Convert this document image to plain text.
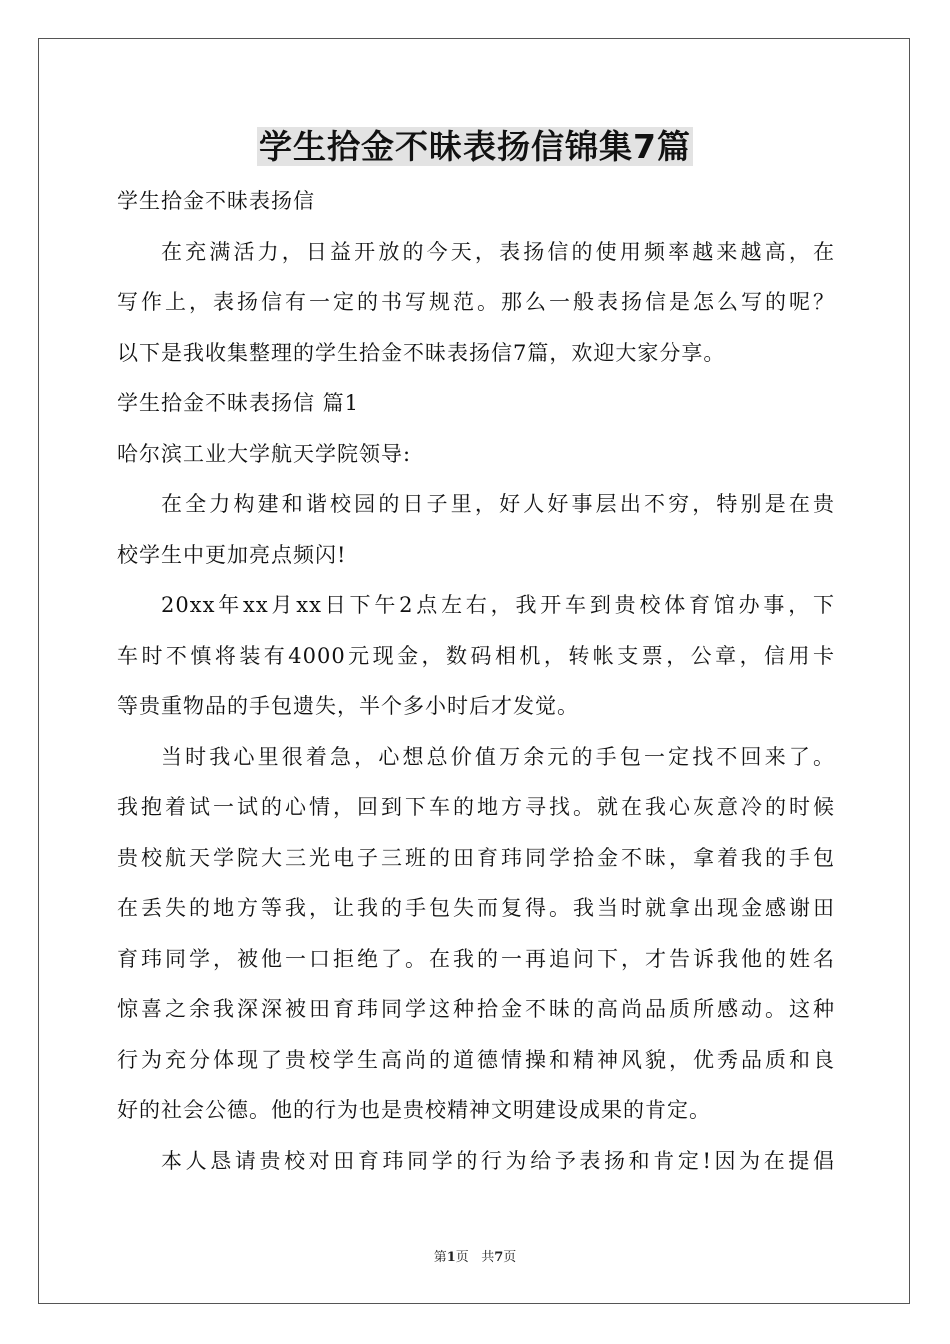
学生拾金不昧表扬信锦集7篇
学生拾金不昧表扬信
在充满活力，日益开放的今天，表扬信的使用频率越来越高，在
写作上，表扬信有一定的书写规范。那么一般表扬信是怎么写的呢？
以下是我收集整理的学生拾金不昧表扬信7篇，欢迎大家分享。
学生拾金不昧表扬信 篇1
哈尔滨工业大学航天学院领导:
在全力构建和谐校园的日子里，好人好事层出不穷，特别是在贵
校学生中更加亮点频闪!
20xx年xx月xx日下午2点左右，我开车到贵校体育馆办事，下
车时不慎将装有4000元现金，数码相机，转帐支票，公章，信用卡
等贵重物品的手包遗失，半个多小时后才发觉。
当时我心里很着急，心想总价值万余元的手包一定找不回来了。
我抱着试一试的心情，回到下车的地方寻找。就在我心灰意冷的时候
贵校航天学院大三光电子三班的田育玮同学拾金不昧，拿着我的手包
在丢失的地方等我，让我的手包失而复得。我当时就拿出现金感谢田
育玮同学，被他一口拒绝了。在我的一再追问下，才告诉我他的姓名
惊喜之余我深深被田育玮同学这种拾金不昧的高尚品质所感动。这种
行为充分体现了贵校学生高尚的道德情操和精神风貌，优秀品质和良
好的社会公德。他的行为也是贵校精神文明建设成果的肯定。
本人恳请贵校对田育玮同学的行为给予表扬和肯定!因为在提倡
第1页 共7页
